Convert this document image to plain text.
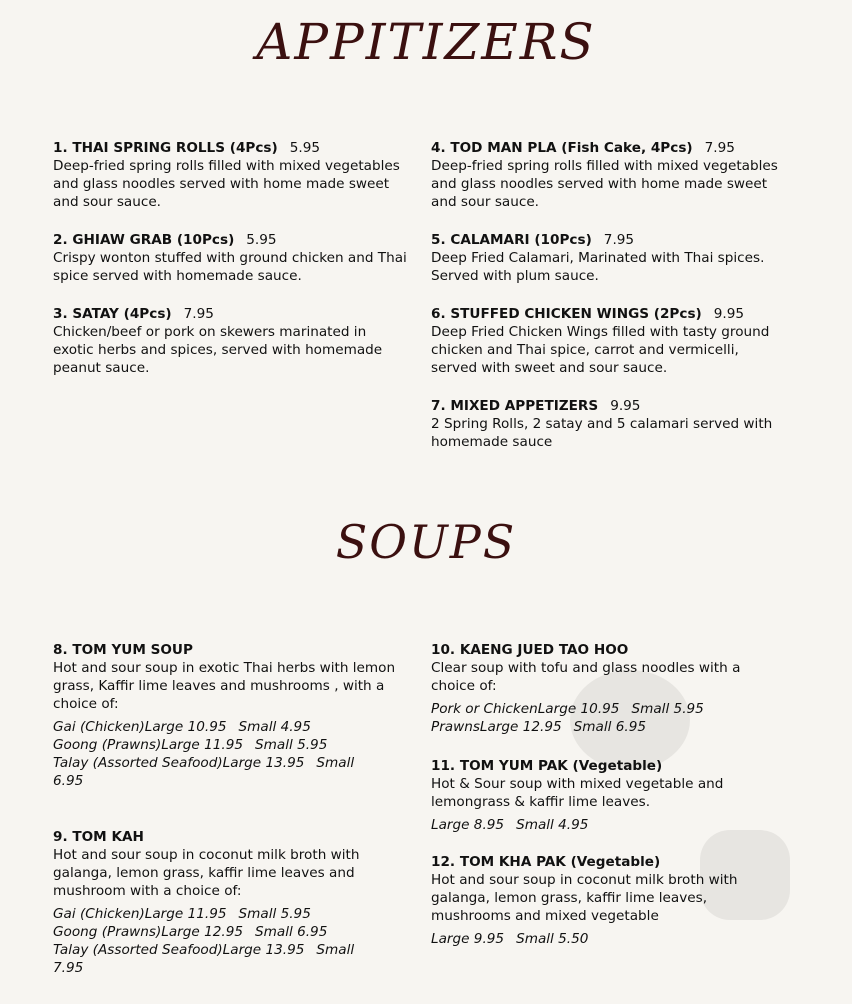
APPITIZERS
1. THAI SPRING ROLLS (4Pcs) 5.95
Deep-fried spring rolls filled with mixed vegetables and glass noodles served with home made sweet and sour sauce.
2. GHIAW GRAB (10Pcs) 5.95
Crispy wonton stuffed with ground chicken and Thai spice served with homemade sauce.
3. SATAY (4Pcs) 7.95
Chicken/beef or pork on skewers marinated in exotic herbs and spices, served with homemade peanut sauce.
4. TOD MAN PLA (Fish Cake, 4Pcs) 7.95
Deep-fried spring rolls filled with mixed vegetables and glass noodles served with home made sweet and sour sauce.
5. CALAMARI (10Pcs) 7.95
Deep Fried Calamari, Marinated with Thai spices. Served with plum sauce.
6. STUFFED CHICKEN WINGS (2Pcs) 9.95
Deep Fried Chicken Wings filled with tasty ground chicken and Thai spice, carrot and vermicelli, served with sweet and sour sauce.
7. MIXED APPETIZERS 9.95
2 Spring Rolls, 2 satay and 5 calamari served with homemade sauce
SOUPS
8. TOM YUM SOUP
Hot and sour soup in exotic Thai herbs with lemon grass, Kaffir lime leaves and mushrooms , with a choice of:
Gai (Chicken)Large 10.95 Small 4.95
Goong (Prawns)Large 11.95 Small 5.95
Talay (Assorted Seafood)Large 13.95 Small 6.95
9. TOM KAH
Hot and sour soup in coconut milk broth with galanga, lemon grass, kaffir lime leaves and mushroom with a choice of:
Gai (Chicken)Large 11.95 Small 5.95
Goong (Prawns)Large 12.95 Small 6.95
Talay (Assorted Seafood)Large 13.95 Small 7.95
10. KAENG JUED TAO HOO
Clear soup with tofu and glass noodles with a choice of:
Pork or ChickenLarge 10.95 Small 5.95
PrawnsLarge 12.95 Small 6.95
11. TOM YUM PAK (Vegetable)
Hot & Sour soup with mixed vegetable and lemongrass & kaffir lime leaves.
Large 8.95 Small 4.95
12. TOM KHA PAK (Vegetable)
Hot and sour soup in coconut milk broth with galanga, lemon grass, kaffir lime leaves, mushrooms and mixed vegetable
Large 9.95 Small 5.50
